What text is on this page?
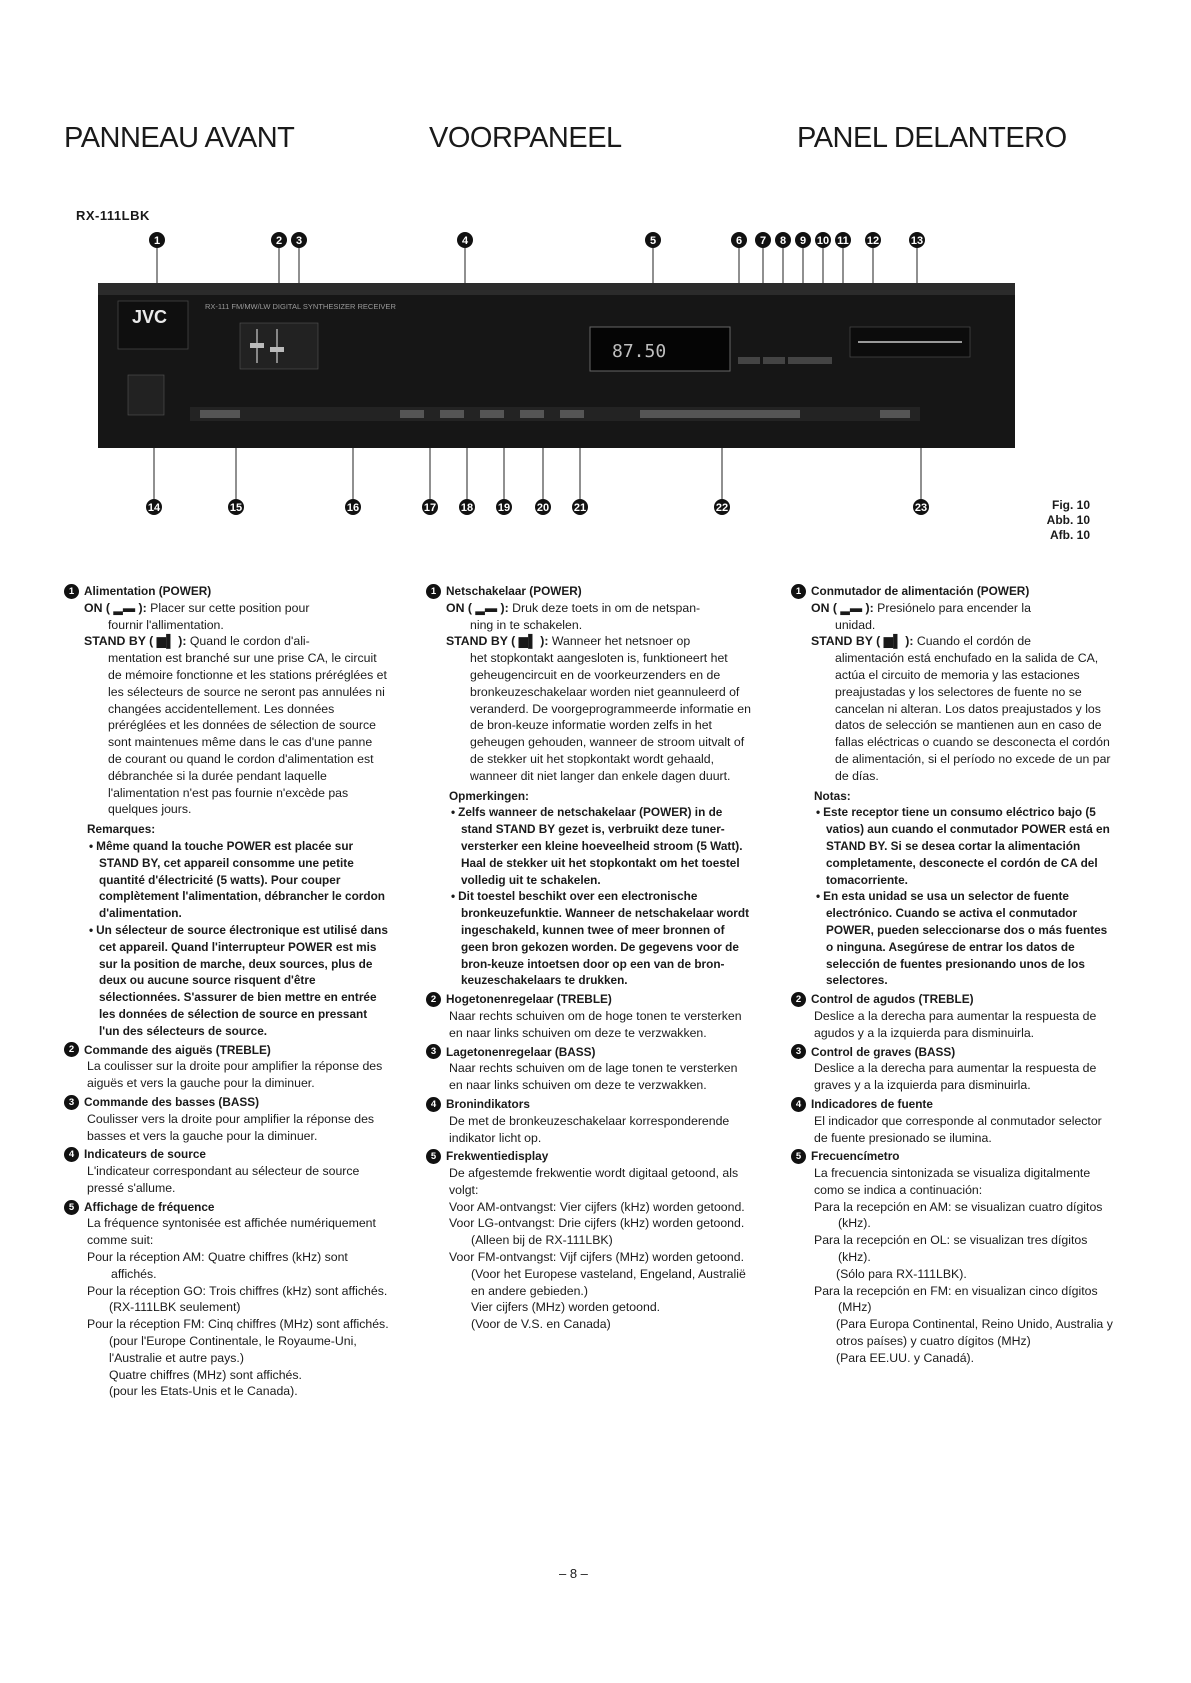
PANNEAU AVANT	VOORPANEEL	PANEL DELANTERO
RX-111LBK
JVC
RX-111 FM/MW/LW DIGITAL SYNTHESIZER RECEIVER
87.50
1	2 3	4	5	6 7 8 9 10 11 12	13
14	15	16	17 18 19 20 21	22	23	Fig. 10
Abb. 10
Afb. 10
1 Alimentation (POWER)
ON ( ▂▬ ): Placer sur cette position pour
fournir l'allimentation.
STAND BY ( ▆▌ ): Quand le cordon d'ali-
mentation est branché sur une prise CA, le circuit de mémoire fonctionne et les stations préréglées et les sélecteurs de source ne seront pas annulées ni changées accidentellement. Les données préréglées et les données de sélection de source sont maintenues même dans le cas d'une panne de courant ou quand le cordon d'alimentation est débranchée si la durée pendant laquelle l'alimentation n'est pas fournie n'excède pas quelques jours.
Remarques:
• Même quand la touche POWER est placée sur STAND BY, cet appareil consomme une petite quantité d'électricité (5 watts). Pour couper complètement l'alimentation, débrancher le cordon d'alimentation.
• Un sélecteur de source électronique est utilisé dans cet appareil. Quand l'interrupteur POWER est mis sur la position de marche, deux sources, plus de deux ou aucune source risquent d'être sélectionnées. S'assurer de bien mettre en entrée les données de sélection de source en pressant l'un des sélecteurs de source.
2 Commande des aiguës (TREBLE)
La coulisser sur la droite pour amplifier la réponse des aiguës et vers la gauche pour la diminuer.
3 Commande des basses (BASS)
Coulisser vers la droite pour amplifier la réponse des basses et vers la gauche pour la diminuer.
4 Indicateurs de source
L'indicateur correspondant au sélecteur de source pressé s'allume.
5 Affichage de fréquence
La fréquence syntonisée est affichée numériquement comme suit:
Pour la réception AM: Quatre chiffres (kHz) sont affichés.
Pour la réception GO: Trois chiffres (kHz) sont affichés.
(RX-111LBK seulement)
Pour la réception FM: Cinq chiffres (MHz) sont affichés.
(pour l'Europe Continentale, le Royaume-Uni, l'Australie et autre pays.)
Quatre chiffres (MHz) sont affichés.
(pour les Etats-Unis et le Canada).
1 Netschakelaar (POWER)
ON ( ▂▬ ): Druk deze toets in om de netspan-
ning in te schakelen.
STAND BY ( ▆▌ ): Wanneer het netsnoer op
het stopkontakt aangesloten is, funktioneert het geheugencircuit en de voorkeurzenders en de bronkeuzeschakelaar worden niet geannuleerd of veranderd. De voorgeprogrammeerde informatie en de bron-keuze informatie worden zelfs in het geheugen gehouden, wanneer de stroom uitvalt of de stekker uit het stopkontakt wordt gehaald, wanneer dit niet langer dan enkele dagen duurt.
Opmerkingen:
• Zelfs wanneer de netschakelaar (POWER) in de stand STAND BY gezet is, verbruikt deze tuner-versterker een kleine hoeveelheid stroom (5 Watt). Haal de stekker uit het stopkontakt om het toestel volledig uit te schakelen.
• Dit toestel beschikt over een electronische bronkeuzefunktie. Wanneer de netschakelaar wordt ingeschakeld, kunnen twee of meer bronnen of geen bron gekozen worden. De gegevens voor de bron-keuze intoetsen door op een van de bron-keuzeschakelaars te drukken.
2 Hogetonenregelaar (TREBLE)
Naar rechts schuiven om de hoge tonen te versterken en naar links schuiven om deze te verzwakken.
3 Lagetonenregelaar (BASS)
Naar rechts schuiven om de lage tonen te versterken en naar links schuiven om deze te verzwakken.
4 Bronindikators
De met de bronkeuzeschakelaar korresponderende indikator licht op.
5 Frekwentiedisplay
De afgestemde frekwentie wordt digitaal getoond, als volgt:
Voor AM-ontvangst: Vier cijfers (kHz) worden getoond.
Voor LG-ontvangst: Drie cijfers (kHz) worden getoond.
(Alleen bij de RX-111LBK)
Voor FM-ontvangst: Vijf cijfers (MHz) worden getoond.
(Voor het Europese vasteland, Engeland, Australië en andere gebieden.)
Vier cijfers (MHz) worden getoond.
(Voor de V.S. en Canada)
1 Conmutador de alimentación (POWER)
ON ( ▂▬ ): Presiónelo para encender la
unidad.
STAND BY ( ▆▌ ): Cuando el cordón de
alimentación está enchufado en la salida de CA, actúa el circuito de memoria y las estaciones preajustadas y los selectores de fuente no se cancelan ni alteran. Los datos preajustados y los datos de selección se mantienen aun en caso de fallas eléctricas o cuando se desconecta el cordón de alimentación, si el período no excede de un par de días.
Notas:
• Este receptor tiene un consumo eléctrico bajo (5 vatios) aun cuando el conmutador POWER está en STAND BY. Si se desea cortar la alimentación completamente, desconecte el cordón de CA del tomacorriente.
• En esta unidad se usa un selector de fuente electrónico. Cuando se activa el conmutador POWER, pueden seleccionarse dos o más fuentes o ninguna. Asegúrese de entrar los datos de selección de fuentes presionando unos de los selectores.
2 Control de agudos (TREBLE)
Deslice a la derecha para aumentar la respuesta de agudos y a la izquierda para disminuirla.
3 Control de graves (BASS)
Deslice a la derecha para aumentar la respuesta de graves y a la izquierda para disminuirla.
4 Indicadores de fuente
El indicador que corresponde al conmutador selector de fuente presionado se ilumina.
5 Frecuencímetro
La frecuencia sintonizada se visualiza digitalmente como se indica a continuación:
Para la recepción en AM: se visualizan cuatro dígitos (kHz).
Para la recepción en OL: se visualizan tres dígitos (kHz).
(Sólo para RX-111LBK).
Para la recepción en FM: en visualizan cinco dígitos (MHz)
(Para Europa Continental, Reino Unido, Australia y otros países) y cuatro dígitos (MHz)
(Para EE.UU. y Canadá).
– 8 –
